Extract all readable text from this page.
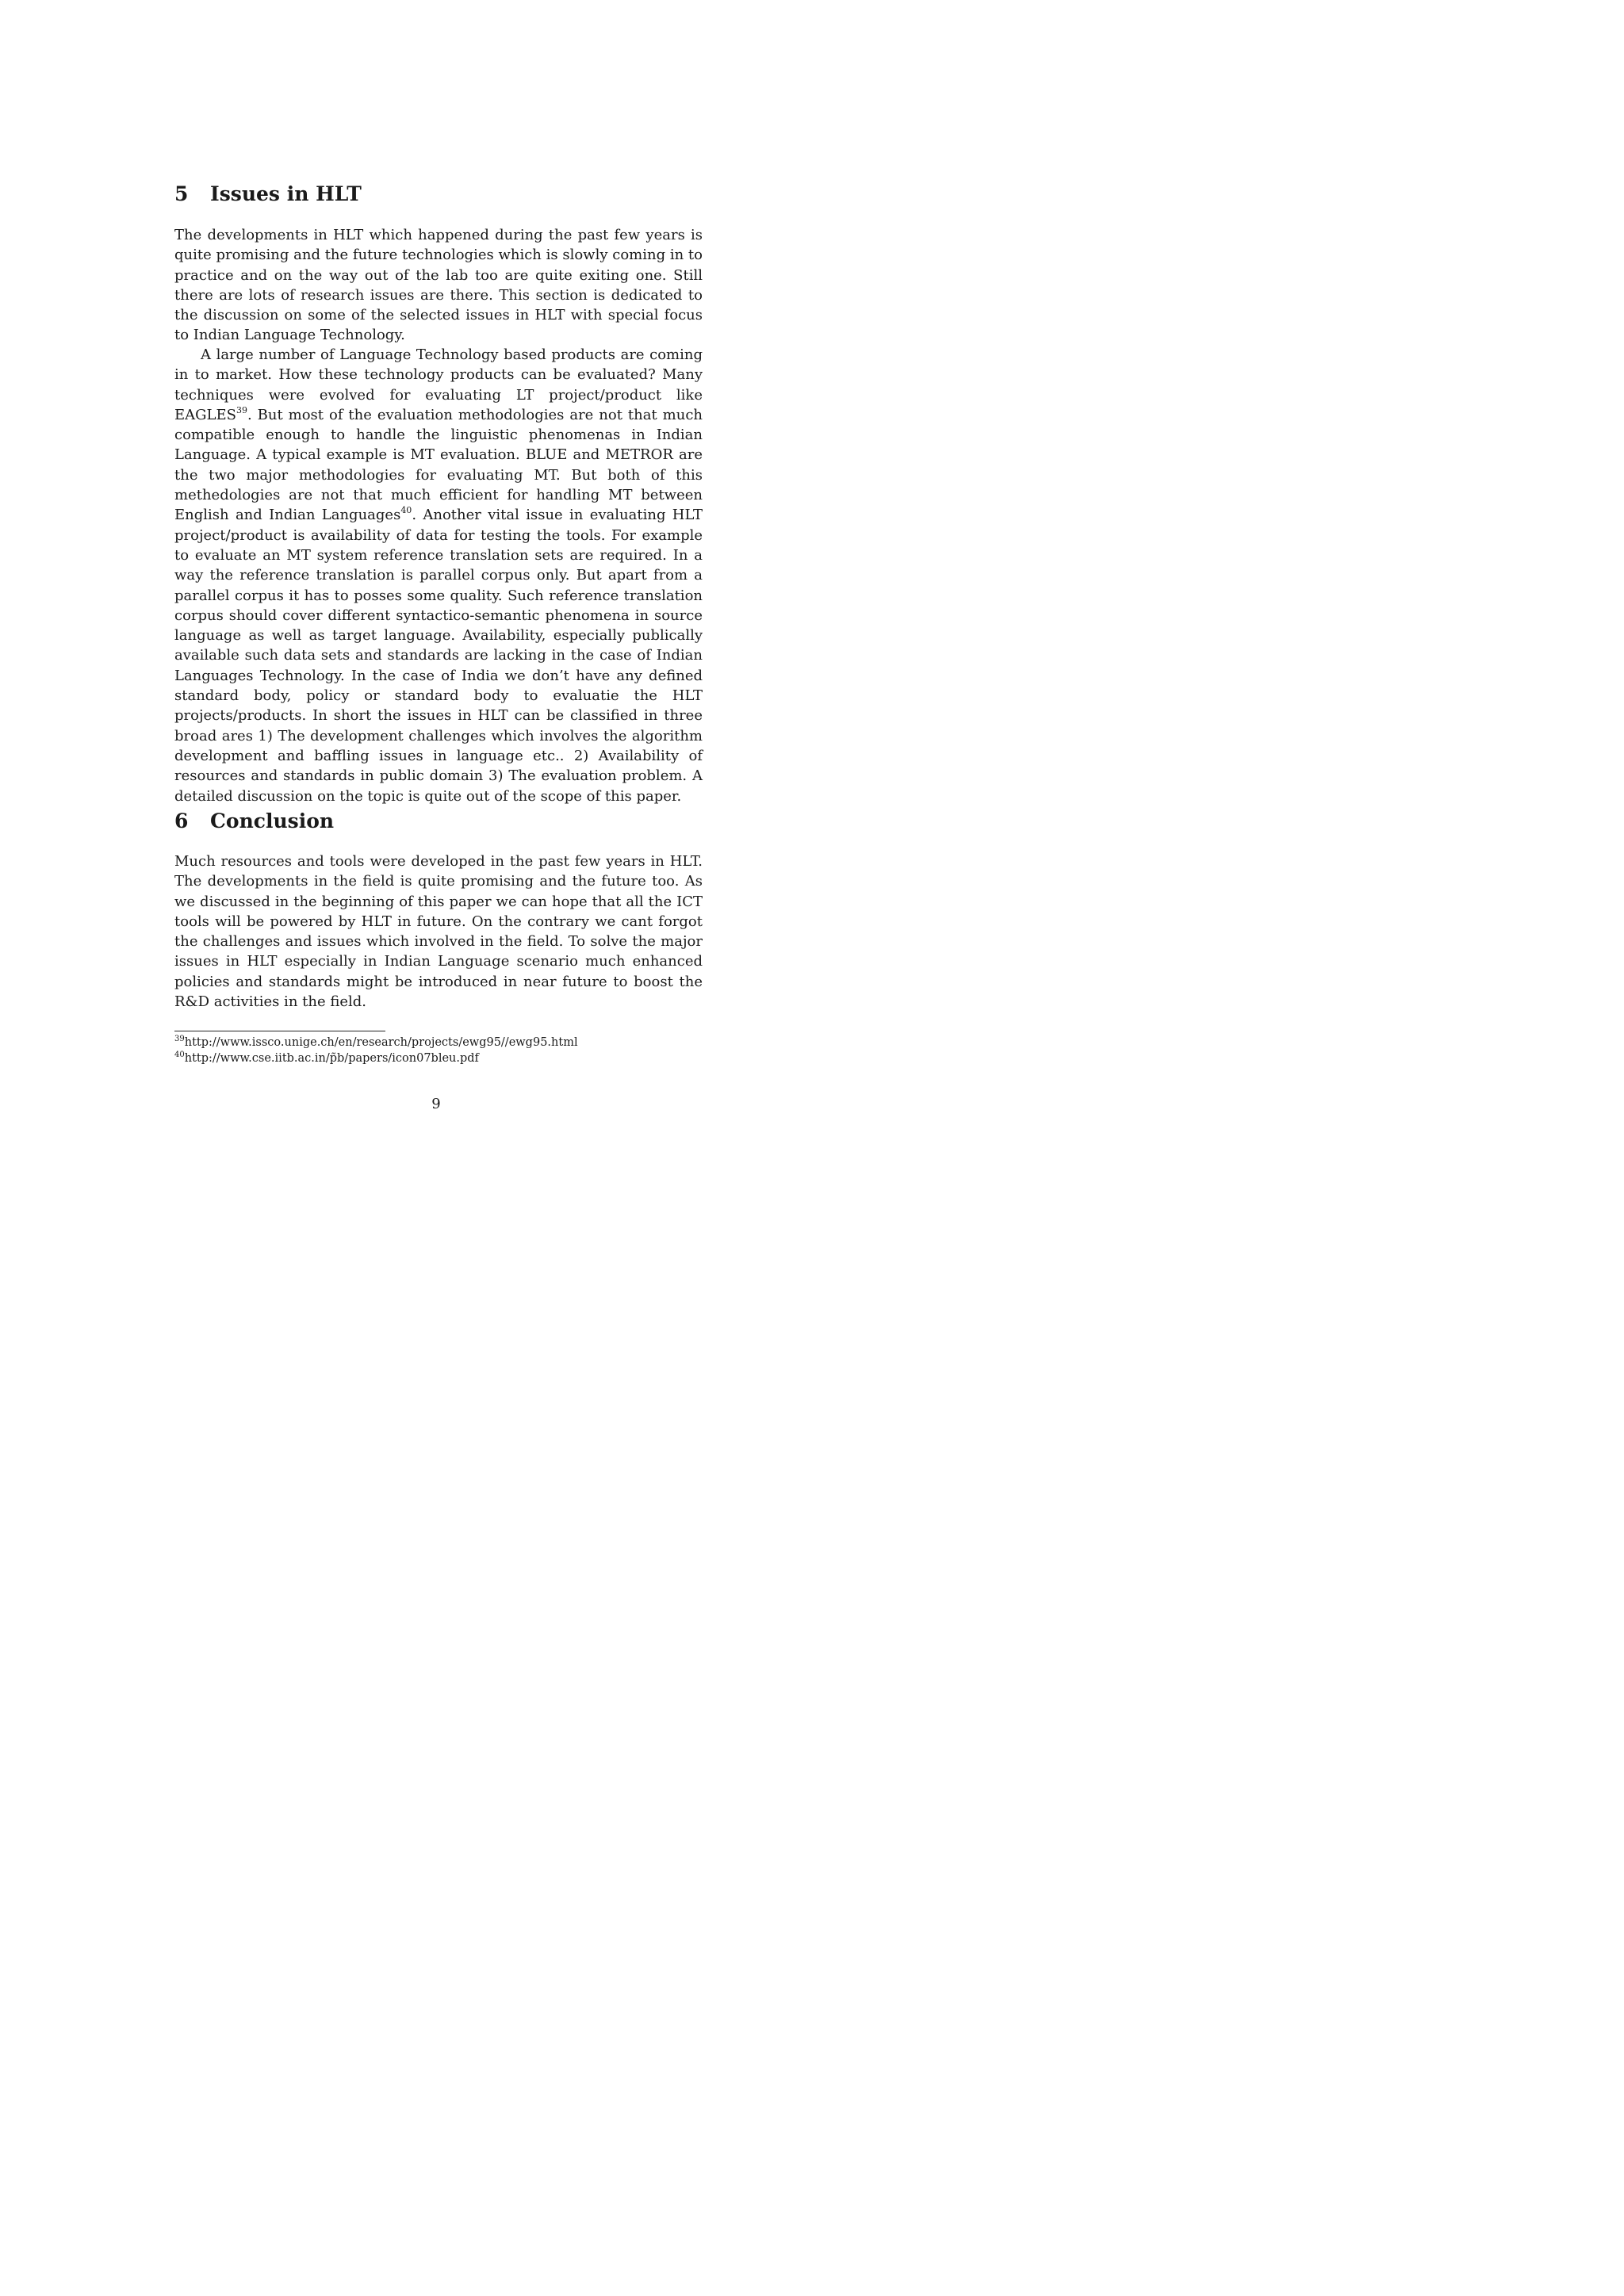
5 Issues in HLT

The developments in HLT which happened during the past few years is quite promising and the future technologies which is slowly coming in to practice and on the way out of the lab too are quite exiting one. Still there are lots of research issues are there. This section is dedicated to the discussion on some of the selected issues in HLT with special focus to Indian Language Technology.

A large number of Language Technology based products are coming in to market. How these technology products can be evaluated? Many techniques were evolved for evaluating LT project/product like EAGLES$^{39}$. But most of the evaluation methodologies are not that much compatible enough to handle the linguistic phenomenas in Indian Language. A typical example is MT evaluation. BLUE and METROR are the two major methodologies for evaluating MT. But both of this methedologies are not that much efficient for handling MT between English and Indian Languages$^{40}$. Another vital issue in evaluating HLT project/product is availability of data for testing the tools. For example to evaluate an MT system reference translation sets are required. In a way the reference translation is parallel corpus only. But apart from a parallel corpus it has to posses some quality. Such reference translation corpus should cover different syntactico-semantic phenomena in source language as well as target language. Availability, especially publically available such data sets and standards are lacking in the case of Indian Languages Technology. In the case of India we don’t have any defined standard body, policy or standard body to evaluatie the HLT projects/products. In short the issues in HLT can be classified in three broad ares 1) The development challenges which involves the algorithm development and baffling issues in language etc.. 2) Availability of resources and standards in public domain 3) The evaluation problem. A detailed discussion on the topic is quite out of the scope of this paper.

6 Conclusion

Much resources and tools were developed in the past few years in HLT. The developments in the field is quite promising and the future too. As we discussed in the beginning of this paper we can hope that all the ICT tools will be powered by HLT in future. On the contrary we cant forgot the challenges and issues which involved in the field. To solve the major issues in HLT especially in Indian Language scenario much enhanced policies and standards might be introduced in near future to boost the R&D activities in the field.

$^{39}$http://www.issco.unige.ch/en/research/projects/ewg95//ewg95.html

$^{40}$http://www.cse.iitb.ac.in/p̃b/papers/icon07bleu.pdf

9
